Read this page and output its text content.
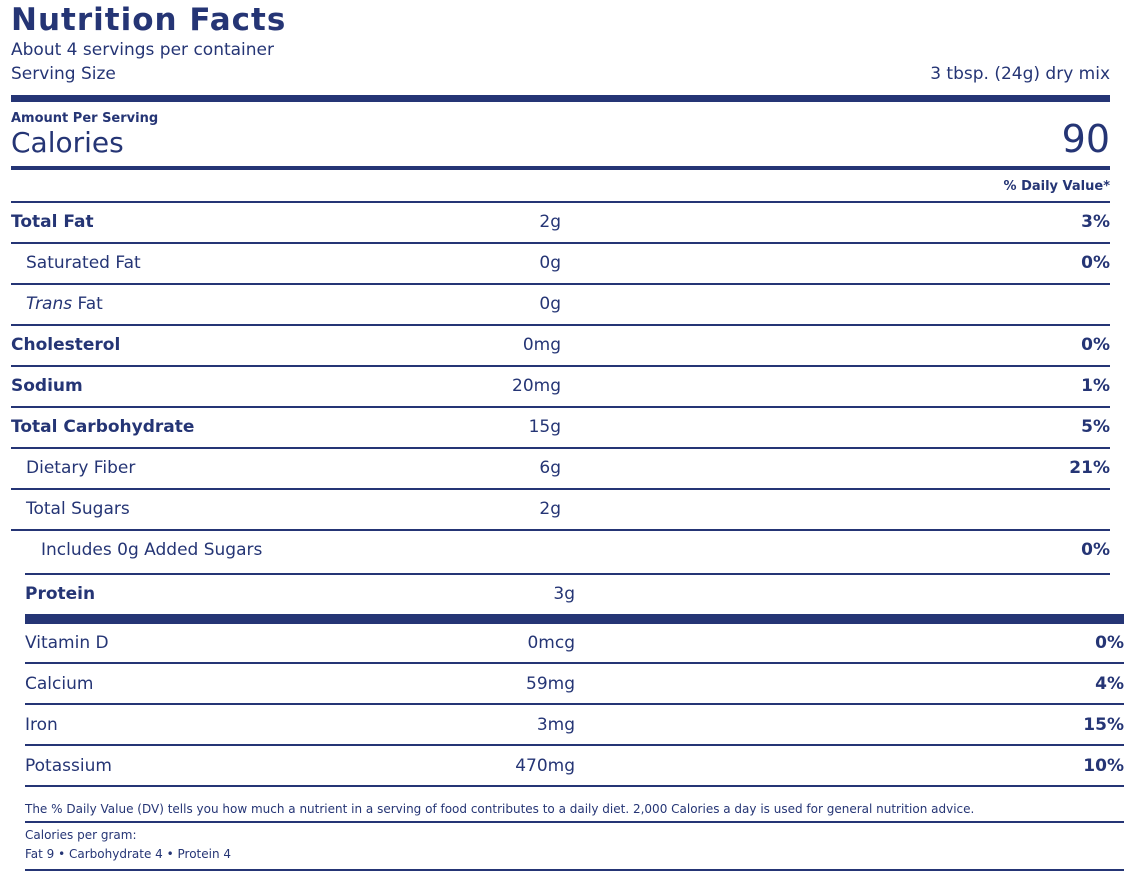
Nutrition Facts
About 4 servings per container
Serving Size	3 tbsp. (24g) dry mix
Amount Per Serving
Calories	90
% Daily Value*
Total Fat	2g	3%
Saturated Fat	0g	0%
Trans Fat	0g
Cholesterol	0mg	0%
Sodium	20mg	1%
Total Carbohydrate	15g	5%
Dietary Fiber	6g	21%
Total Sugars	2g
Includes 0g Added Sugars	0%
Protein	3g
Vitamin D	0mcg	0%
Calcium	59mg	4%
Iron	3mg	15%
Potassium	470mg	10%
The % Daily Value (DV) tells you how much a nutrient in a serving of food contributes to a daily diet. 2,000 Calories a day is used for general nutrition advice.
Calories per gram:
Fat 9 • Carbohydrate 4 • Protein 4
